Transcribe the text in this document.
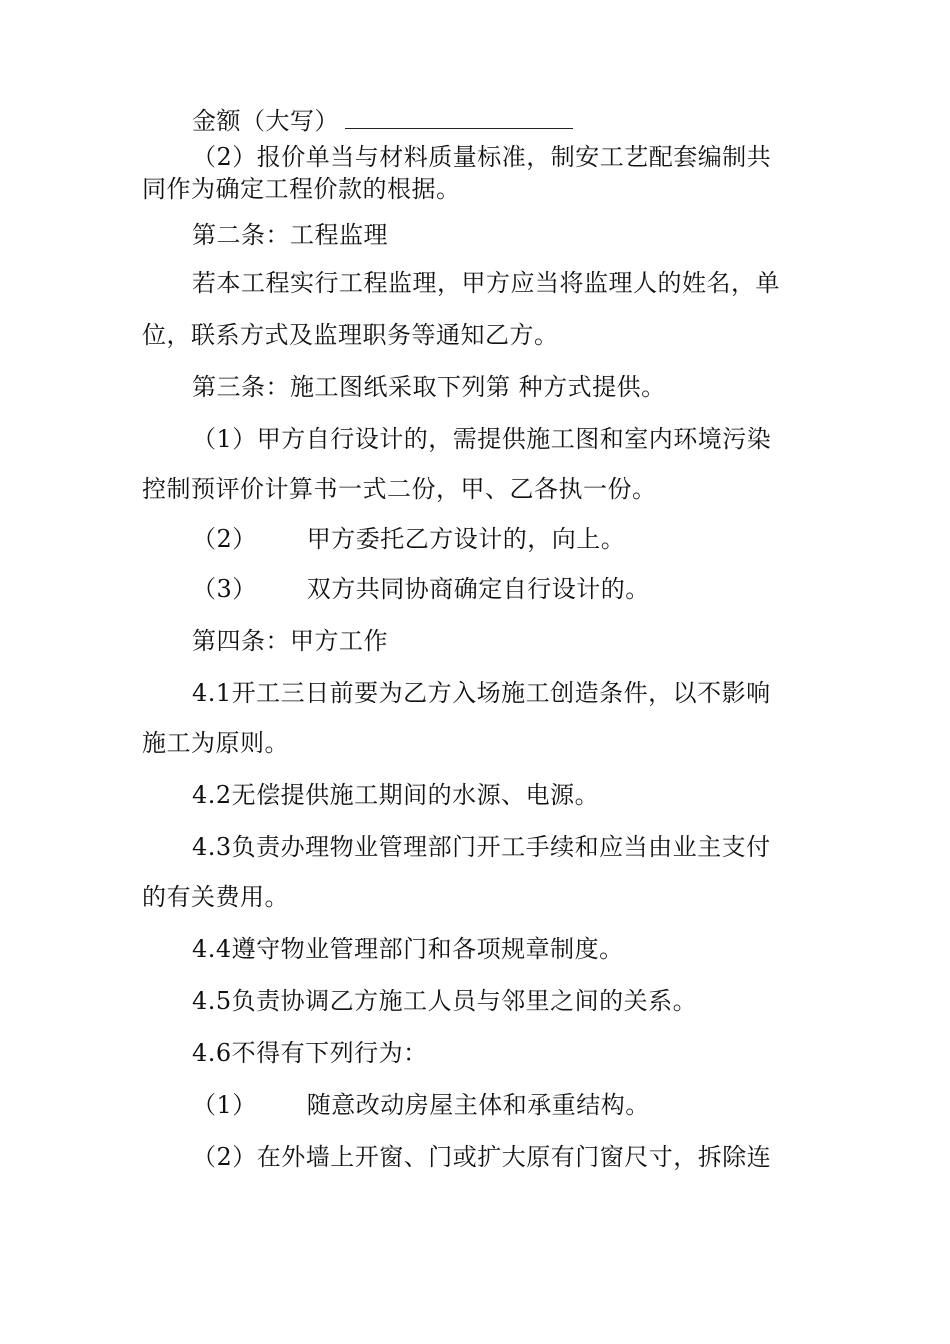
金额（大写）
（2）报价单当与材料质量标准，制安工艺配套编制共
同作为确定工程价款的根据。
第二条：工程监理
若本工程实行工程监理，甲方应当将监理人的姓名，单
位，联系方式及监理职务等通知乙方。
第三条：施工图纸采取下列第 种方式提供。
（1）甲方自行设计的，需提供施工图和室内环境污染
控制预评价计算书一式二份，甲、乙各执一份。
（2） 甲方委托乙方设计的，向上。
（3） 双方共同协商确定自行设计的。
第四条：甲方工作
4.1开工三日前要为乙方入场施工创造条件，以不影响
施工为原则。
4.2无偿提供施工期间的水源、电源。
4.3负责办理物业管理部门开工手续和应当由业主支付
的有关费用。
4.4遵守物业管理部门和各项规章制度。
4.5负责协调乙方施工人员与邻里之间的关系。
4.6不得有下列行为：
（1） 随意改动房屋主体和承重结构。
（2）在外墙上开窗、门或扩大原有门窗尺寸，拆除连
